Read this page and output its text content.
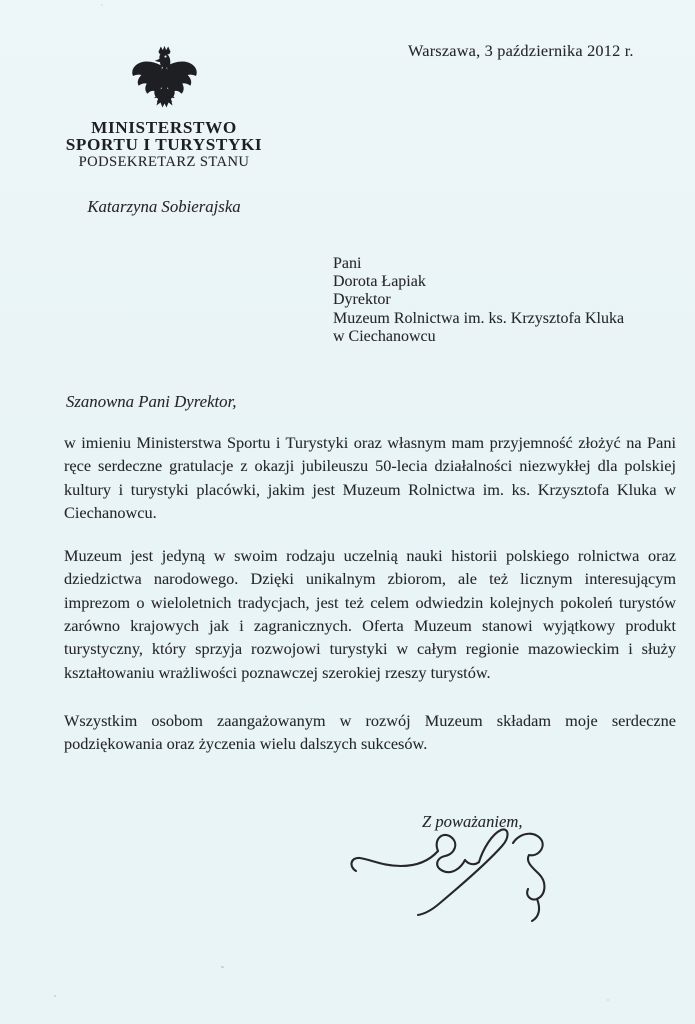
Warszawa, 3 października 2012 r.
MINISTERSTWO
SPORTU I TURYSTYKI
PODSEKRETARZ STANU
Katarzyna Sobierajska
Pani
Dorota Łapiak
Dyrektor
Muzeum Rolnictwa im. ks. Krzysztofa Kluka
w Ciechanowcu
Szanowna Pani Dyrektor,

w imieniu Ministerstwa Sportu i Turystyki oraz własnym mam przyjemność złożyć na Pani ręce serdeczne gratulacje z okazji jubileuszu 50-lecia działalności niezwykłej dla polskiej kultury i turystyki placówki, jakim jest Muzeum Rolnictwa im. ks. Krzysztofa Kluka w Ciechanowcu.

Muzeum jest jedyną w swoim rodzaju uczelnią nauki historii polskiego rolnictwa oraz dziedzictwa narodowego. Dzięki unikalnym zbiorom, ale też licznym interesującym imprezom o wieloletnich tradycjach, jest też celem odwiedzin kolejnych pokoleń turystów zarówno krajowych jak i zagranicznych. Oferta Muzeum stanowi wyjątkowy produkt turystyczny, który sprzyja rozwojowi turystyki w całym regionie mazowieckim i służy kształtowaniu wrażliwości poznawczej szerokiej rzeszy turystów.

Wszystkim osobom zaangażowanym w rozwój Muzeum składam moje serdeczne podziękowania oraz życzenia wielu dalszych sukcesów.

Z poważaniem,
